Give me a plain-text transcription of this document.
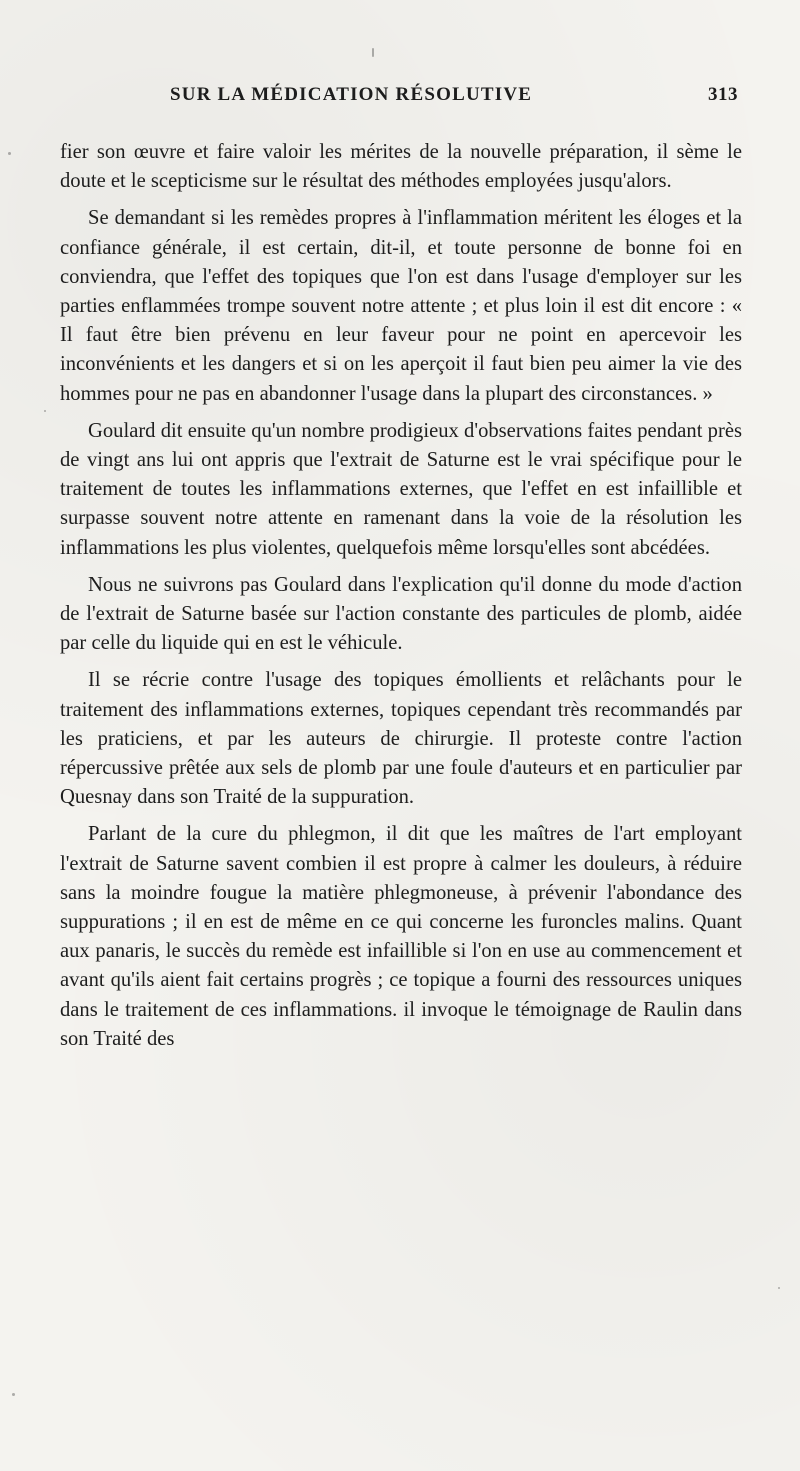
SUR LA MÉDICATION RÉSOLUTIVE	313

fier son œuvre et faire valoir les mérites de la nouvelle préparation, il sème le doute et le scepticisme sur le résultat des méthodes employées jusqu'alors.

Se demandant si les remèdes propres à l'inflammation méritent les éloges et la confiance générale, il est certain, dit-il, et toute personne de bonne foi en conviendra, que l'effet des topiques que l'on est dans l'usage d'employer sur les parties enflammées trompe souvent notre attente ; et plus loin il est dit encore : « Il faut être bien prévenu en leur faveur pour ne point en apercevoir les inconvénients et les dangers et si on les aperçoit il faut bien peu aimer la vie des hommes pour ne pas en abandonner l'usage dans la plupart des circonstances. »

Goulard dit ensuite qu'un nombre prodigieux d'observations faites pendant près de vingt ans lui ont appris que l'extrait de Saturne est le vrai spécifique pour le traitement de toutes les inflammations externes, que l'effet en est infaillible et surpasse souvent notre attente en ramenant dans la voie de la résolution les inflammations les plus violentes, quelquefois même lorsqu'elles sont abcédées.

Nous ne suivrons pas Goulard dans l'explication qu'il donne du mode d'action de l'extrait de Saturne basée sur l'action constante des particules de plomb, aidée par celle du liquide qui en est le véhicule.

Il se récrie contre l'usage des topiques émollients et relâchants pour le traitement des inflammations externes, topiques cependant très recommandés par les praticiens, et par les auteurs de chirurgie. Il proteste contre l'action répercussive prêtée aux sels de plomb par une foule d'auteurs et en particulier par Quesnay dans son Traité de la suppuration.

Parlant de la cure du phlegmon, il dit que les maîtres de l'art employant l'extrait de Saturne savent combien il est propre à calmer les douleurs, à réduire sans la moindre fougue la matière phlegmoneuse, à prévenir l'abondance des suppurations ; il en est de même en ce qui concerne les furoncles malins. Quant aux panaris, le succès du remède est infaillible si l'on en use au commencement et avant qu'ils aient fait certains progrès ; ce topique a fourni des ressources uniques dans le traitement de ces inflammations. il invoque le témoignage de Raulin dans son Traité des
